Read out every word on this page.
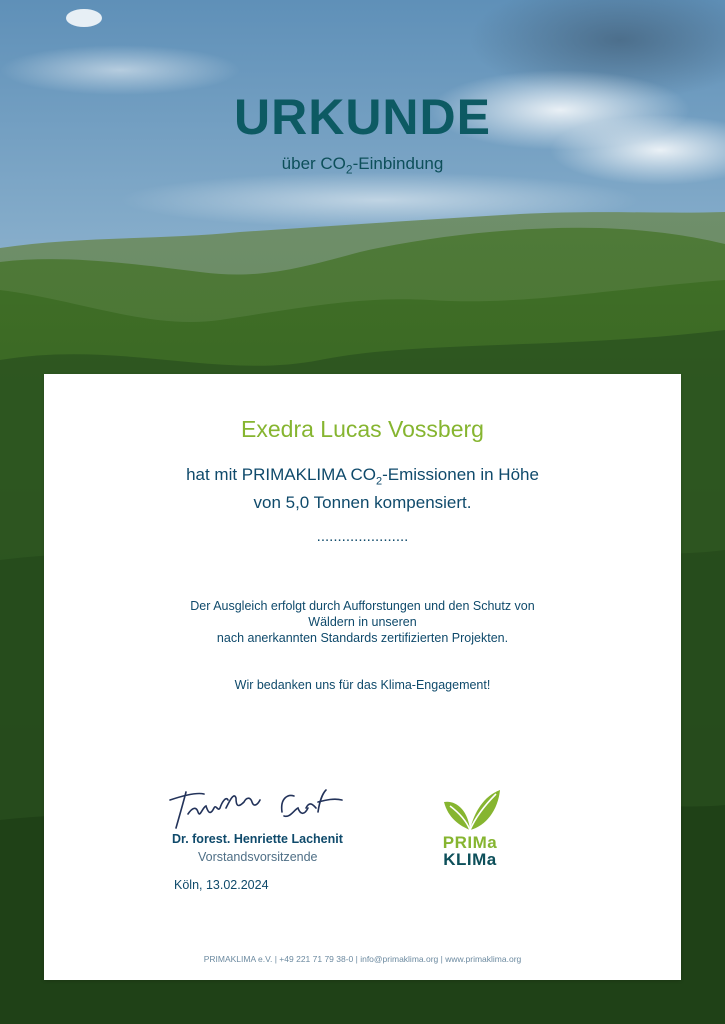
URKUNDE
über $CO_2$-Einbindung
Exedra Lucas Vossberg
hat mit PRIMAKLIMA $CO_2$-Emissionen in Höhe
von 5,0 Tonnen kompensiert.
......................
Der Ausgleich erfolgt durch Aufforstungen und den Schutz von
Wäldern in unseren
nach anerkannten Standards zertifizierten Projekten.
Wir bedanken uns für das Klima-Engagement!
Dr. forest. Henriette Lachenit
Vorstandsvorsitzende
Köln, 13.02.2024
PRIMa
KLIMa
PRIMAKLIMA e.V. | +49 221 71 79 38-0 | info@primaklima.org | www.primaklima.org
